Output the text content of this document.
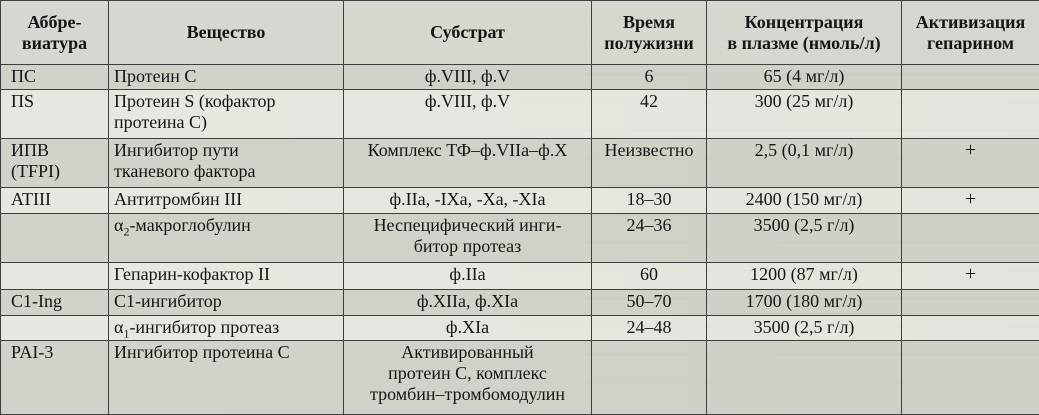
Аббре-
виатура	Вещество	Субстрат	Время
полужизни	Концентрация
в плазме (нмоль/л)	Активизация
гепарином
ПС	Протеин С	ф.VIII, ф.V	6	65 (4 мг/л)	
ПS	Протеин S (кофактор
протеина С)	ф.VIII, ф.V	42	300 (25 мг/л)	
ИПВ
(TFPI)	Ингибитор пути
тканевого фактора	Комплекс ТФ–ф.VIIа–ф.X	Неизвестно	2,5 (0,1 мг/л)	+
ATIII	Антитромбин III	ф.IIa, -IXa, -Xa, -XIa	18–30	2400 (150 мг/л)	+
	$\alpha_2$-макроглобулин	Неспецифический инги-
битор протеаз	24–36	3500 (2,5 г/л)	
	Гепарин-кофактор II	ф.IIa	60	1200 (87 мг/л)	+
C1-Ing	С1-ингибитор	ф.XIIa, ф.XIa	50–70	1700 (180 мг/л)	
	$\alpha_1$-ингибитор протеаз	ф.XIa	24–48	3500 (2,5 г/л)	
PAI-3	Ингибитор протеина С	Активированный
протеин С, комплекс
тромбин–тромбомодулин			
